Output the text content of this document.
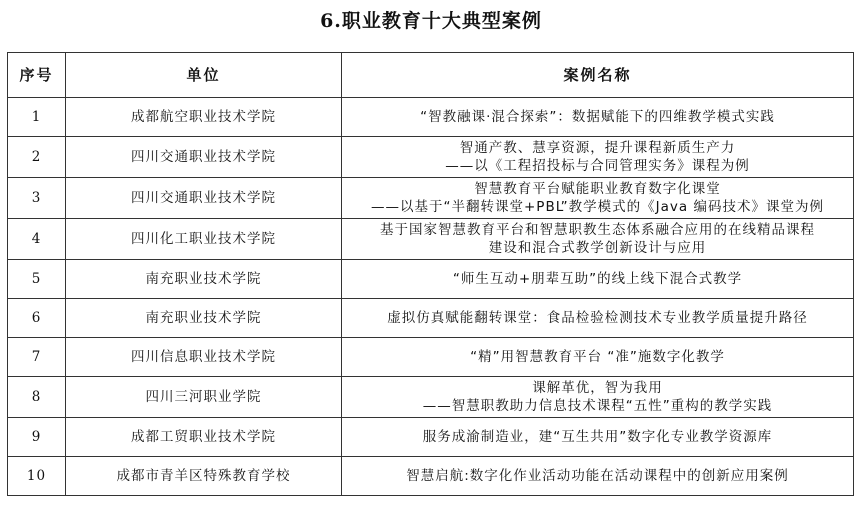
6.职业教育十大典型案例
序号	单位	案例名称
1	成都航空职业技术学院	“智教融课·混合探索”：数据赋能下的四维教学模式实践

2	四川交通职业技术学院	智通产教、慧享资源，提升课程新质生产力
——以《工程招投标与合同管理实务》课程为例

3	四川交通职业技术学院	智慧教育平台赋能职业教育数字化课堂
——以基于“半翻转课堂+PBL”教学模式的《Java 编码技术》课堂为例

4	四川化工职业技术学院	基于国家智慧教育平台和智慧职教生态体系融合应用的在线精品课程
建设和混合式教学创新设计与应用

5	南充职业技术学院	“师生互动+朋辈互助”的线上线下混合式教学

6	南充职业技术学院	虚拟仿真赋能翻转课堂：食品检验检测技术专业教学质量提升路径

7	四川信息职业技术学院	“精”用智慧教育平台 “准”施数字化教学

8	四川三河职业学院	课解革优，智为我用
——智慧职教助力信息技术课程“五性”重构的教学实践

9	成都工贸职业技术学院	服务成渝制造业，建“互生共用”数字化专业教学资源库

10	成都市青羊区特殊教育学校	智慧启航:数字化作业活动功能在活动课程中的创新应用案例
